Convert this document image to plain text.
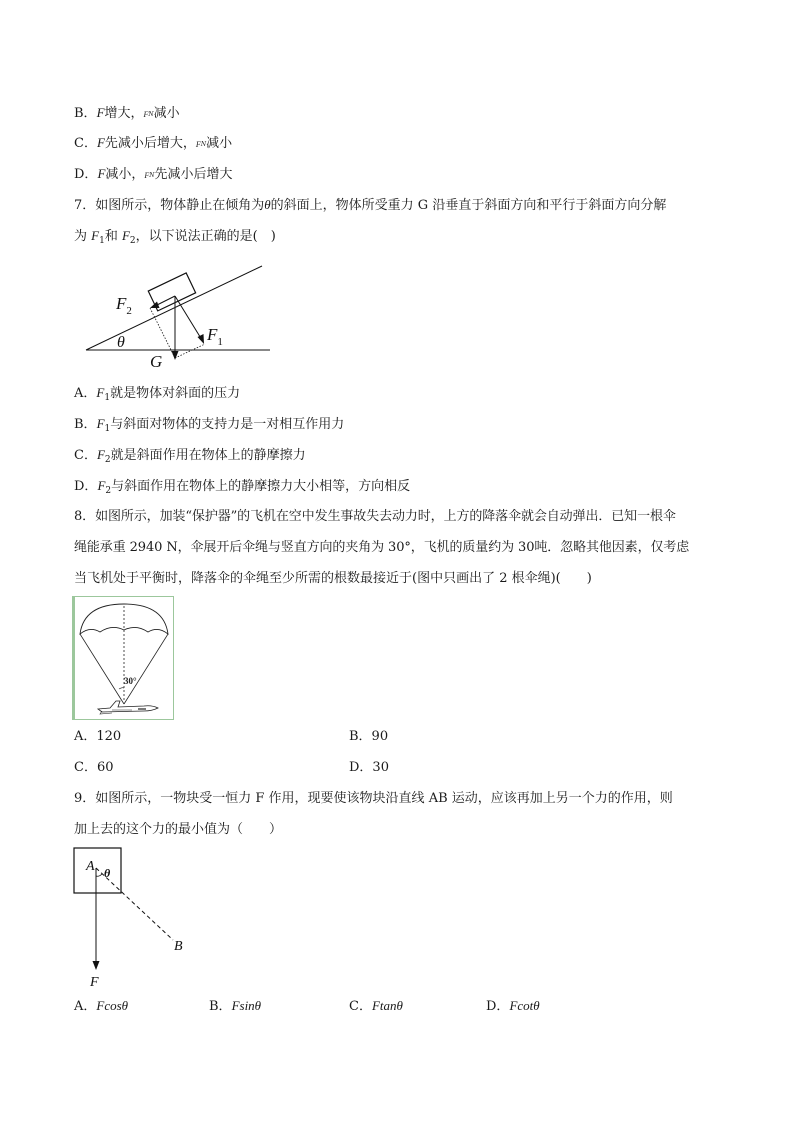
B．F增大，FN减小
C．F先减小后增大，FN减小
D．F减小，FN先减小后增大
7．如图所示，物体静止在倾角为θ的斜面上，物体所受重力 G 沿垂直于斜面方向和平行于斜面方向分解
为 $F_1$和 $F_2$，以下说法正确的是(　)
$F_2$
$F_1$
θ
G
A．$F_1$就是物体对斜面的压力
B．$F_1$与斜面对物体的支持力是一对相互作用力
C．$F_2$就是斜面作用在物体上的静摩擦力
D．$F_2$与斜面作用在物体上的静摩擦力大小相等，方向相反
8．如图所示，加装“保护器”的飞机在空中发生事故失去动力时，上方的降落伞就会自动弹出．已知一根伞
绳能承重 2940 N，伞展开后伞绳与竖直方向的夹角为 30°，飞机的质量约为 30吨．忽略其他因素，仅考虑
当飞机处于平衡时，降落伞的伞绳至少所需的根数最接近于(图中只画出了 2 根伞绳)(　　)
30°
A．120	B．90
C．60	D．30
9．如图所示，一物块受一恒力 F 作用，现要使该物块沿直线 AB 运动，应该再加上另一个力的作用，则
加上去的这个力的最小值为（　　）
A θ
B
F
A．Fcosθ	B．Fsinθ	C．Ftanθ	D．Fcotθ
